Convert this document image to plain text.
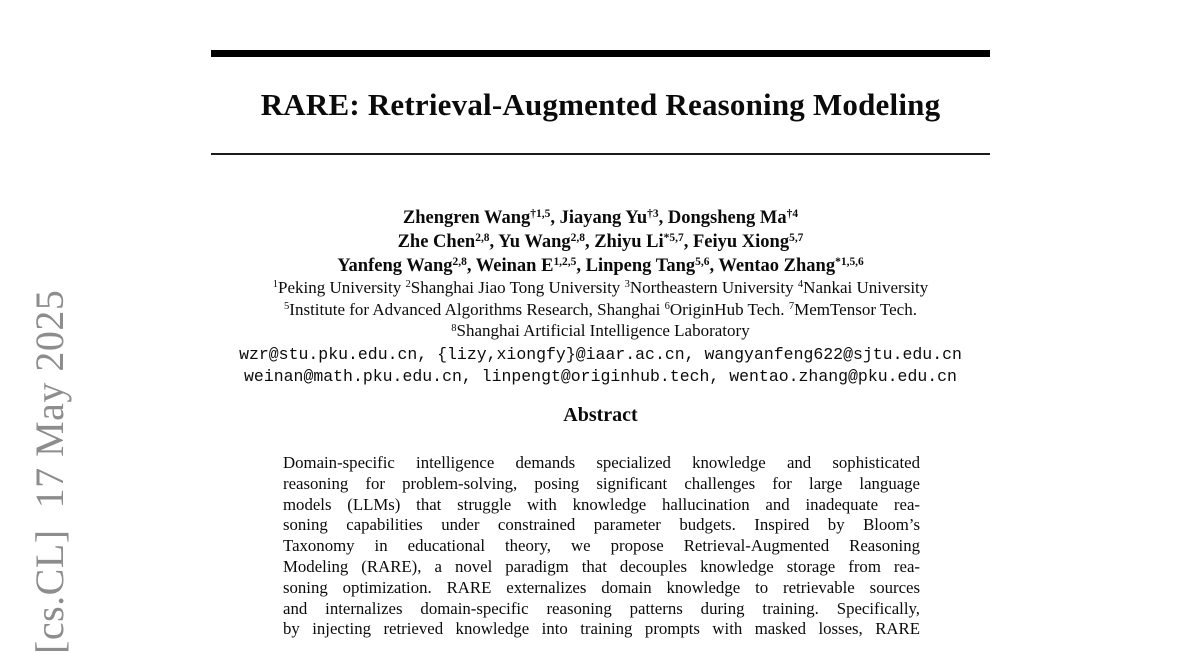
[cs.CL]  17 May 2025
RARE: Retrieval-Augmented Reasoning Modeling
Zhengren Wang$^{\dagger 1,5}$, Jiayang Yu$^{\dagger 3}$, Dongsheng Ma$^{\dagger 4}$
Zhe Chen$^{2,8}$, Yu Wang$^{2,8}$, Zhiyu Li$^{*5,7}$, Feiyu Xiong$^{5,7}$
Yanfeng Wang$^{2,8}$, Weinan E$^{1,2,5}$, Linpeng Tang$^{5,6}$, Wentao Zhang$^{*1,5,6}$
$^1$Peking University $^2$Shanghai Jiao Tong University $^3$Northeastern University $^4$Nankai University
$^5$Institute for Advanced Algorithms Research, Shanghai $^6$OriginHub Tech. $^7$MemTensor Tech.
$^8$Shanghai Artificial Intelligence Laboratory
wzr@stu.pku.edu.cn, {lizy,xiongfy}@iaar.ac.cn, wangyanfeng622@sjtu.edu.cn
weinan@math.pku.edu.cn, linpengt@originhub.tech, wentao.zhang@pku.edu.cn
Abstract
Domain-specific intelligence demands specialized knowledge and sophisticated
reasoning for problem-solving, posing significant challenges for large language
models (LLMs) that struggle with knowledge hallucination and inadequate rea-
soning capabilities under constrained parameter budgets. Inspired by Bloom’s
Taxonomy in educational theory, we propose Retrieval-Augmented Reasoning
Modeling (RARE), a novel paradigm that decouples knowledge storage from rea-
soning optimization. RARE externalizes domain knowledge to retrievable sources
and internalizes domain-specific reasoning patterns during training. Specifically,
by injecting retrieved knowledge into training prompts with masked losses, RARE
